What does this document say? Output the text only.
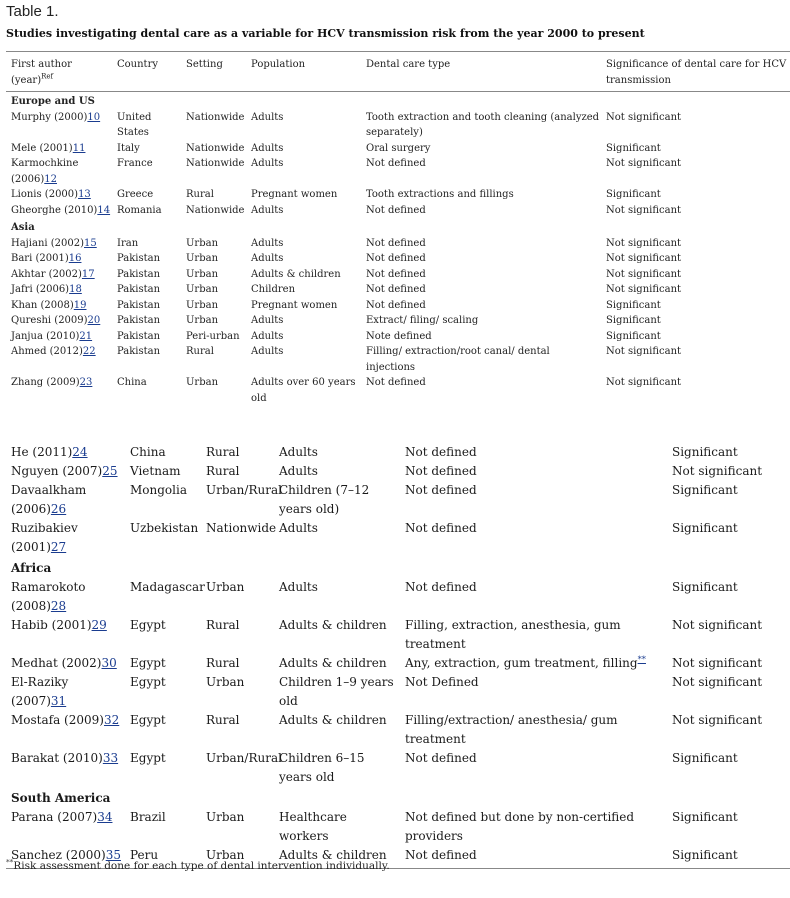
Table 1.
Studies investigating dental care as a variable for HCV transmission risk from the year 2000 to present
First author (year)$^{Ref}$	Country	Setting	Population	Dental care type	Significance of dental care for HCV transmission
Europe and US					
Murphy (2000)10	United States	Nationwide	Adults	Tooth extraction and tooth cleaning (analyzed separately)	Not significant
Mele (2001)11	Italy	Nationwide	Adults	Oral surgery	Significant
Karmochkine (2006)12	France	Nationwide	Adults	Not defined	Not significant
Lionis (2000)13	Greece	Rural	Pregnant women	Tooth extractions and fillings	Significant
Gheorghe (2010)14	Romania	Nationwide	Adults	Not defined	Not significant
Asia					
Hajiani (2002)15	Iran	Urban	Adults	Not defined	Not significant
Bari (2001)16	Pakistan	Urban	Adults	Not defined	Not significant
Akhtar (2002)17	Pakistan	Urban	Adults & children	Not defined	Not significant
Jafri (2006)18	Pakistan	Urban	Children	Not defined	Not significant
Khan (2008)19	Pakistan	Urban	Pregnant women	Not defined	Significant
Qureshi (2009)20	Pakistan	Urban	Adults	Extract/ filing/ scaling	Significant
Janjua (2010)21	Pakistan	Peri-urban	Adults	Note defined	Significant
Ahmed (2012)22	Pakistan	Rural	Adults	Filling/ extraction/root canal/ dental injections	Not significant
Zhang (2009)23	China	Urban	Adults over 60 years old	Not defined	Not significant
He (2011)24	China	Rural	Adults	Not defined	Significant
Nguyen (2007)25	Vietnam	Rural	Adults	Not defined	Not significant
Davaalkham (2006)26	Mongolia	Urban/Rural	Children (7–12 years old)	Not defined	Significant
Ruzibakiev (2001)27	Uzbekistan	Nationwide	Adults	Not defined	Significant
Africa					
Ramarokoto (2008)28	Madagascar	Urban	Adults	Not defined	Significant
Habib (2001)29	Egypt	Rural	Adults & children	Filling, extraction, anesthesia, gum treatment	Not significant
Medhat (2002)30	Egypt	Rural	Adults & children	Any, extraction, gum treatment, filling**	Not significant
El-Raziky (2007)31	Egypt	Urban	Children 1–9 years old	Not Defined	Not significant
Mostafa (2009)32	Egypt	Rural	Adults & children	Filling/extraction/ anesthesia/ gum treatment	Not significant
Barakat (2010)33	Egypt	Urban/Rural	Children 6–15 years old	Not defined	Significant
South America					
Parana (2007)34	Brazil	Urban	Healthcare workers	Not defined but done by non-certified providers	Significant
Sanchez (2000)35	Peru	Urban	Adults & children	Not defined	Significant
**Risk assessment done for each type of dental intervention individually.
